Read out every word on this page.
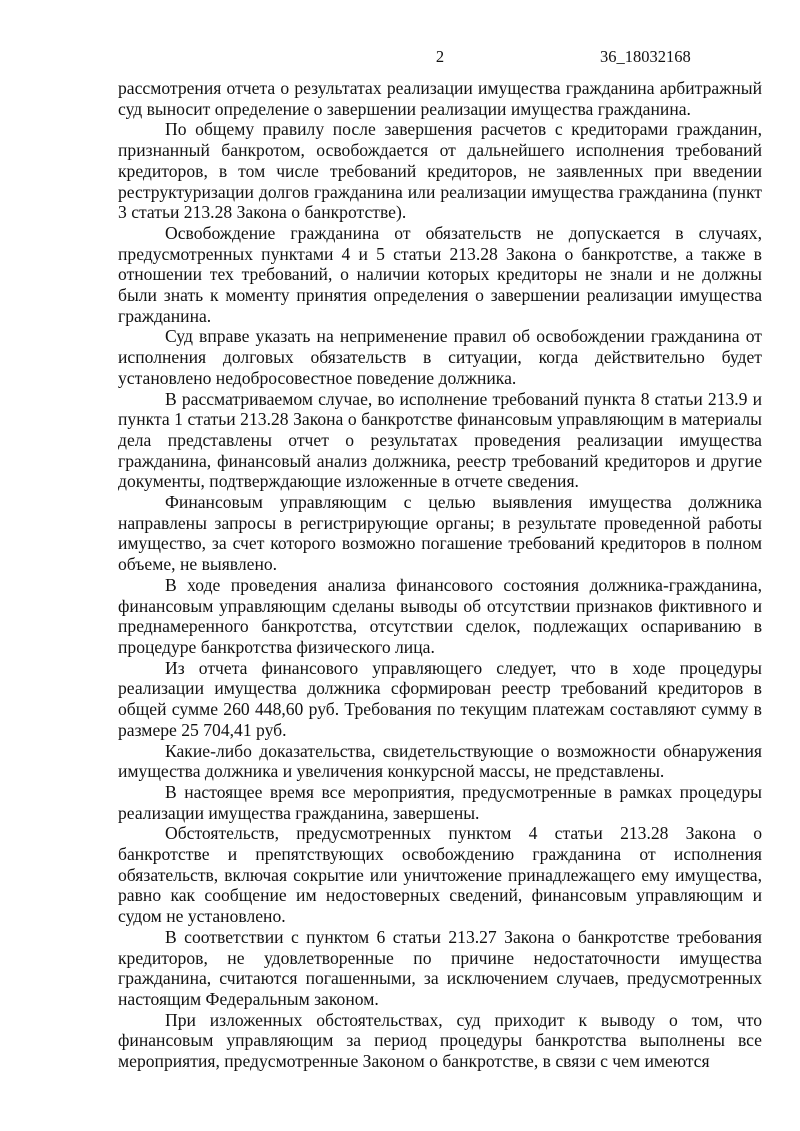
2	36_18032168

рассмотрения отчета о результатах реализации имущества гражданина арбитражный суд выносит определение о завершении реализации имущества гражданина.

По общему правилу после завершения расчетов с кредиторами гражданин, признанный банкротом, освобождается от дальнейшего исполнения требований кредиторов, в том числе требований кредиторов, не заявленных при введении реструктуризации долгов гражданина или реализации имущества гражданина (пункт 3 статьи 213.28 Закона о банкротстве).

Освобождение гражданина от обязательств не допускается в случаях, предусмотренных пунктами 4 и 5 статьи 213.28 Закона о банкротстве, а также в отношении тех требований, о наличии которых кредиторы не знали и не должны были знать к моменту принятия определения о завершении реализации имущества гражданина.

Суд вправе указать на неприменение правил об освобождении гражданина от исполнения долговых обязательств в ситуации, когда действительно будет установлено недобросовестное поведение должника.

В рассматриваемом случае, во исполнение требований пункта 8 статьи 213.9 и пункта 1 статьи 213.28 Закона о банкротстве финансовым управляющим в материалы дела представлены отчет о результатах проведения реализации имущества гражданина, финансовый анализ должника, реестр требований кредиторов и другие документы, подтверждающие изложенные в отчете сведения.

Финансовым управляющим с целью выявления имущества должника направлены запросы в регистрирующие органы; в результате проведенной работы имущество, за счет которого возможно погашение требований кредиторов в полном объеме, не выявлено.

В ходе проведения анализа финансового состояния должника-гражданина, финансовым управляющим сделаны выводы об отсутствии признаков фиктивного и преднамеренного банкротства, отсутствии сделок, подлежащих оспариванию в процедуре банкротства физического лица.

Из отчета финансового управляющего следует, что в ходе процедуры реализации имущества должника сформирован реестр требований кредиторов в общей сумме 260 448,60 руб. Требования по текущим платежам составляют сумму в размере 25 704,41 руб.

Какие-либо доказательства, свидетельствующие о возможности обнаружения имущества должника и увеличения конкурсной массы, не представлены.

В настоящее время все мероприятия, предусмотренные в рамках процедуры реализации имущества гражданина, завершены.

Обстоятельств, предусмотренных пунктом 4 статьи 213.28 Закона о банкротстве и препятствующих освобождению гражданина от исполнения обязательств, включая сокрытие или уничтожение принадлежащего ему имущества, равно как сообщение им недостоверных сведений, финансовым управляющим и судом не установлено.

В соответствии с пунктом 6 статьи 213.27 Закона о банкротстве требования кредиторов, не удовлетворенные по причине недостаточности имущества гражданина, считаются погашенными, за исключением случаев, предусмотренных настоящим Федеральным законом.

При изложенных обстоятельствах, суд приходит к выводу о том, что финансовым управляющим за период процедуры банкротства выполнены все мероприятия, предусмотренные Законом о банкротстве, в связи с чем имеются
